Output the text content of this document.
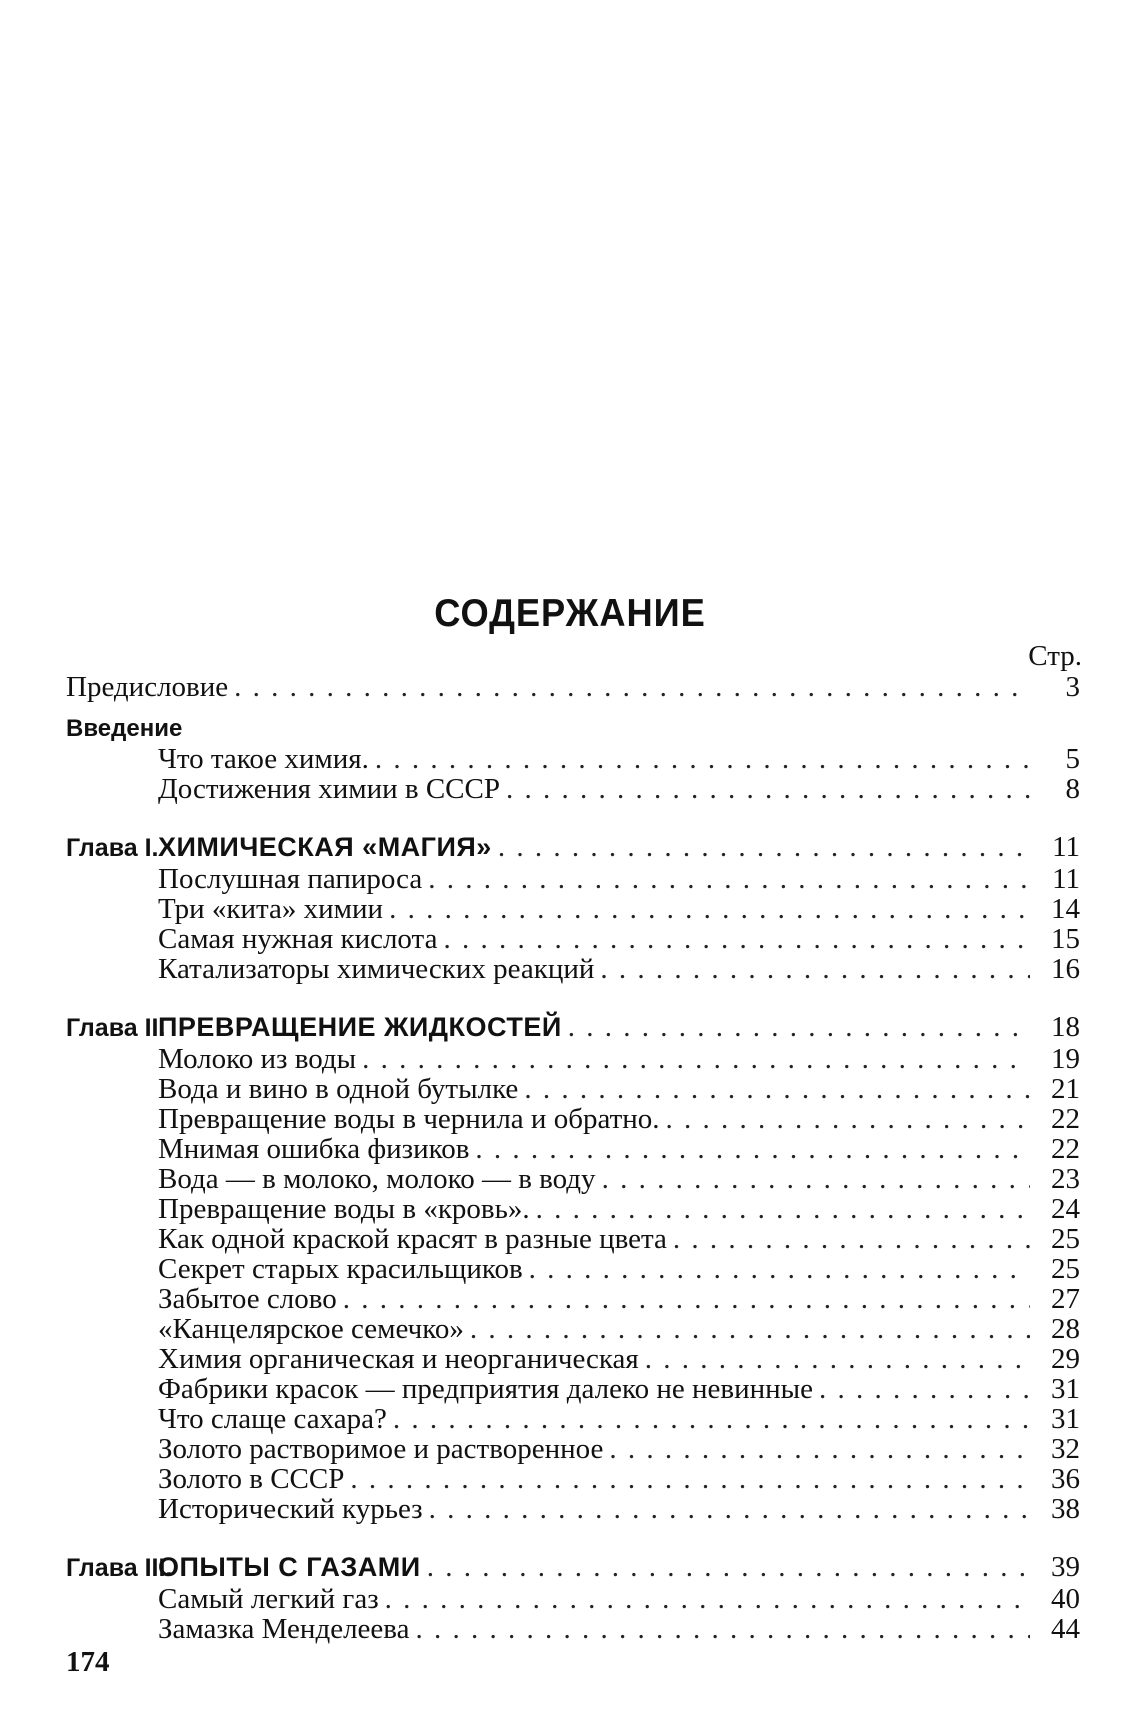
СОДЕРЖАНИЕ
Стр.
Предисловие . . .	3
Введение
Что такое химия. . . .	5
Достижения химии в СССР . . .	8
Глава I.ХИМИЧЕСКАЯ «МАГИЯ» . . .	11
Послушная папироса . . .	11
Три «кита» химии . . .	14
Самая нужная кислота . . .	15
Катализаторы химических реакций . . .	16
Глава II.ПРЕВРАЩЕНИЕ ЖИДКОСТЕЙ . . .	18
Молоко из воды . . .	19
Вода и вино в одной бутылке . . .	21
Превращение воды в чернила и обратно. . . .	22
Мнимая ошибка физиков . . .	22
Вода — в молоко, молоко — в воду . . .	23
Превращение воды в «кровь». . . .	24
Как одной краской красят в разные цвета . . .	25
Секрет старых красильщиков . . .	25
Забытое слово . . .	27
«Канцелярское семечко» . . .	28
Химия органическая и неорганическая . . .	29
Фабрики красок — предприятия далеко не невинные . . .	31
Что слаще сахара? . . .	31
Золото растворимое и растворенное . . .	32
Золото в СССР . . .	36
Исторический курьез . . .	38
Глава III.ОПЫТЫ С ГАЗАМИ . . .	39
Самый легкий газ . . .	40
Замазка Менделеева . . .	44
174
